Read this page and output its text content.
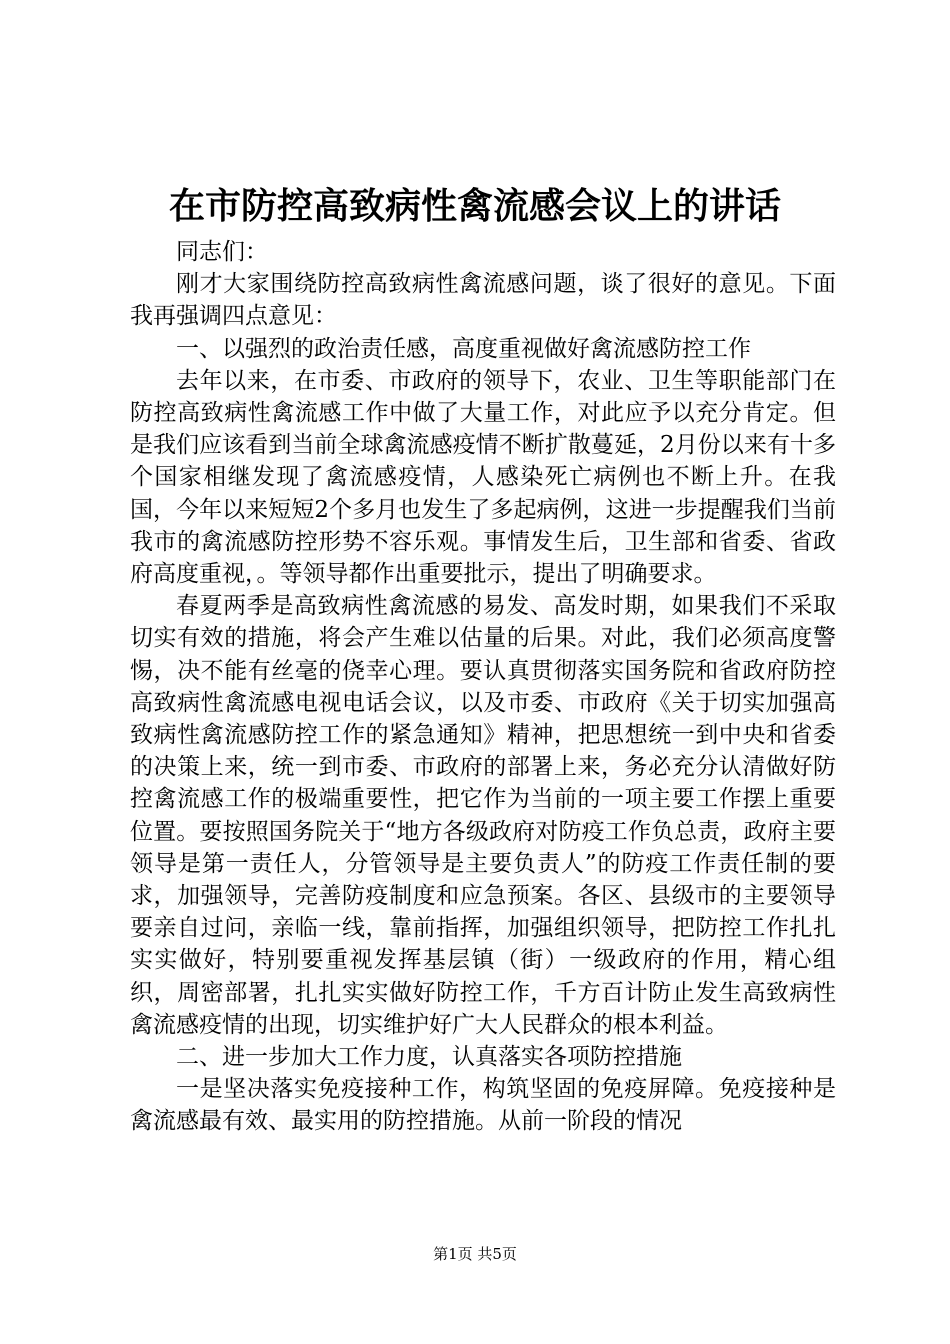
在市防控高致病性禽流感会议上的讲话

同志们：

刚才大家围绕防控高致病性禽流感问题，谈了很好的意见。下面我再强调四点意见：

一、以强烈的政治责任感，高度重视做好禽流感防控工作

去年以来，在市委、市政府的领导下，农业、卫生等职能部门在防控高致病性禽流感工作中做了大量工作，对此应予以充分肯定。但是我们应该看到当前全球禽流感疫情不断扩散蔓延，2月份以来有十多个国家相继发现了禽流感疫情，人感染死亡病例也不断上升。在我国，今年以来短短2个多月也发生了多起病例，这进一步提醒我们当前我市的禽流感防控形势不容乐观。事情发生后，卫生部和省委、省政府高度重视，。等领导都作出重要批示，提出了明确要求。

春夏两季是高致病性禽流感的易发、高发时期，如果我们不采取切实有效的措施，将会产生难以估量的后果。对此，我们必须高度警惕，决不能有丝毫的侥幸心理。要认真贯彻落实国务院和省政府防控高致病性禽流感电视电话会议，以及市委、市政府《关于切实加强高致病性禽流感防控工作的紧急通知》精神，把思想统一到中央和省委的决策上来，统一到市委、市政府的部署上来，务必充分认清做好防控禽流感工作的极端重要性，把它作为当前的一项主要工作摆上重要位置。要按照国务院关于“地方各级政府对防疫工作负总责，政府主要领导是第一责任人，分管领导是主要负责人”的防疫工作责任制的要求，加强领导，完善防疫制度和应急预案。各区、县级市的主要领导要亲自过问，亲临一线，靠前指挥，加强组织领导，把防控工作扎扎实实做好，特别要重视发挥基层镇（街）一级政府的作用，精心组织，周密部署，扎扎实实做好防控工作，千方百计防止发生高致病性禽流感疫情的出现，切实维护好广大人民群众的根本利益。

二、进一步加大工作力度，认真落实各项防控措施

一是坚决落实免疫接种工作，构筑坚固的免疫屏障。免疫接种是禽流感最有效、最实用的防控措施。从前一阶段的情况

第1页 共5页
